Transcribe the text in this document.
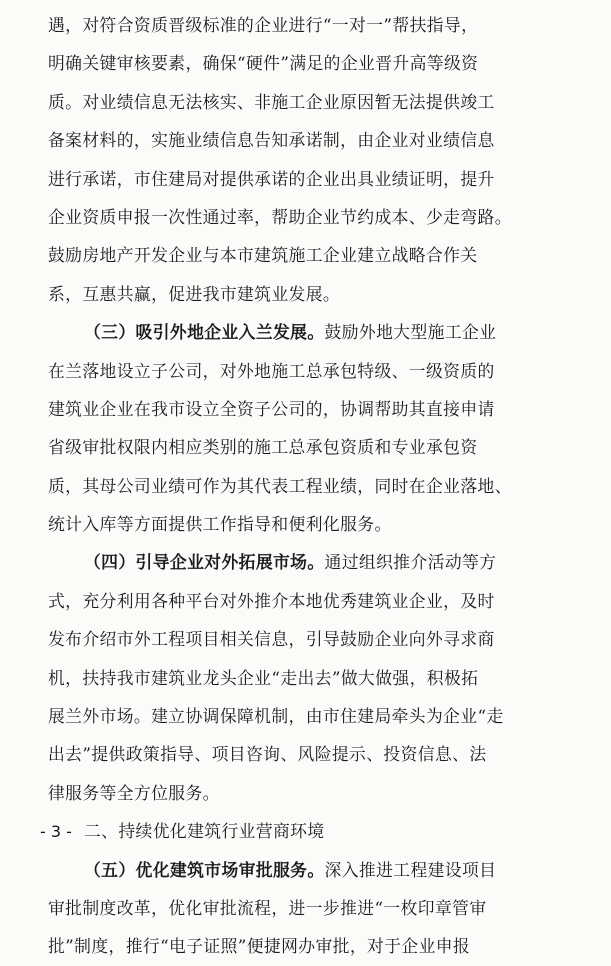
遇，对符合资质晋级标准的企业进行“一对一”帮扶指导，
明确关键审核要素，确保“硬件”满足的企业晋升高等级资
质。对业绩信息无法核实、非施工企业原因暂无法提供竣工
备案材料的，实施业绩信息告知承诺制，由企业对业绩信息
进行承诺，市住建局对提供承诺的企业出具业绩证明，提升
企业资质申报一次性通过率，帮助企业节约成本、少走弯路。
鼓励房地产开发企业与本市建筑施工企业建立战略合作关
系，互惠共赢，促进我市建筑业发展。
（三）吸引外地企业入兰发展。鼓励外地大型施工企业
在兰落地设立子公司，对外地施工总承包特级、一级资质的
建筑业企业在我市设立全资子公司的，协调帮助其直接申请
省级审批权限内相应类别的施工总承包资质和专业承包资
质，其母公司业绩可作为其代表工程业绩，同时在企业落地、
统计入库等方面提供工作指导和便利化服务。
（四）引导企业对外拓展市场。通过组织推介活动等方
式，充分利用各种平台对外推介本地优秀建筑业企业，及时
发布介绍市外工程项目相关信息，引导鼓励企业向外寻求商
机，扶持我市建筑业龙头企业“走出去”做大做强，积极拓
展兰外市场。建立协调保障机制，由市住建局牵头为企业“走
出去”提供政策指导、项目咨询、风险提示、投资信息、法
律服务等全方位服务。
二、持续优化建筑行业营商环境
（五）优化建筑市场审批服务。深入推进工程建设项目
审批制度改革，优化审批流程，进一步推进“一枚印章管审
批”制度，推行“电子证照”便捷网办审批，对于企业申报
- 3 -
